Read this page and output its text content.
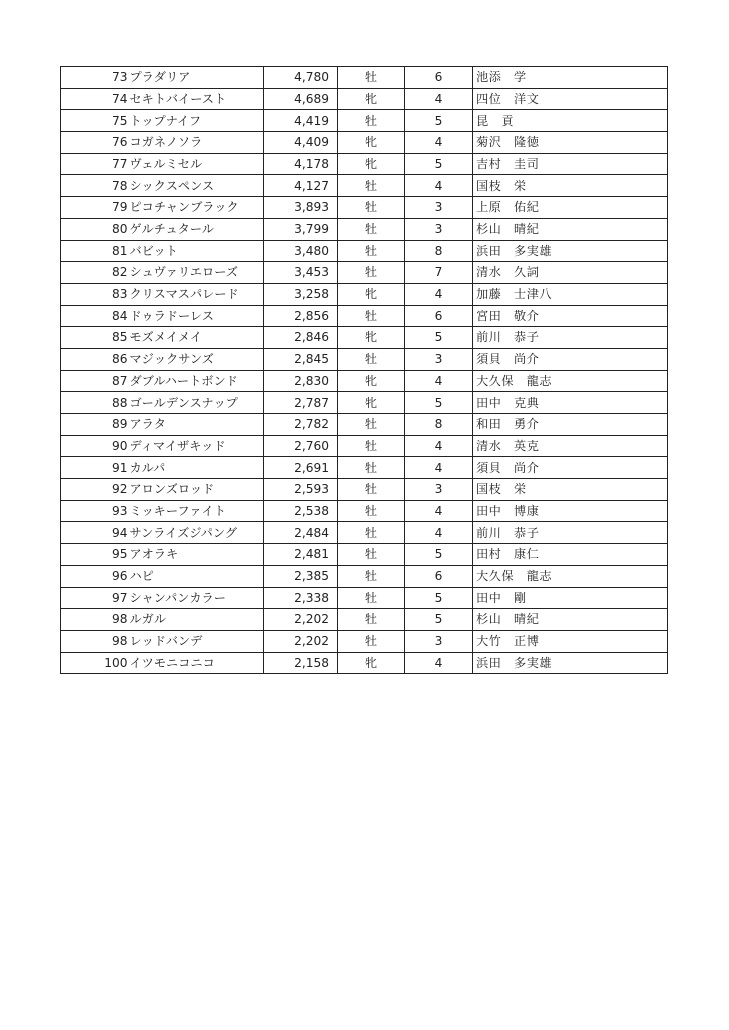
73	プラダリア	4,780	牡	6	池添　学
74	セキトバイースト	4,689	牝	4	四位　洋文
75	トップナイフ	4,419	牡	5	昆　貢
76	コガネノソラ	4,409	牝	4	菊沢　隆徳
77	ヴェルミセル	4,178	牝	5	吉村　圭司
78	シックスペンス	4,127	牡	4	国枝　栄
79	ピコチャンブラック	3,893	牡	3	上原　佑紀
80	ゲルチュタール	3,799	牡	3	杉山　晴紀
81	バビット	3,480	牡	8	浜田　多実雄
82	シュヴァリエローズ	3,453	牡	7	清水　久詞
83	クリスマスパレード	3,258	牝	4	加藤　士津八
84	ドゥラドーレス	2,856	牡	6	宮田　敬介
85	モズメイメイ	2,846	牝	5	前川　恭子
86	マジックサンズ	2,845	牡	3	須貝　尚介
87	ダブルハートボンド	2,830	牝	4	大久保　龍志
88	ゴールデンスナップ	2,787	牝	5	田中　克典
89	アラタ	2,782	牡	8	和田　勇介
90	ディマイザキッド	2,760	牡	4	清水　英克
91	カルパ	2,691	牡	4	須貝　尚介
92	アロンズロッド	2,593	牡	3	国枝　栄
93	ミッキーファイト	2,538	牡	4	田中　博康
94	サンライズジパング	2,484	牡	4	前川　恭子
95	アオラキ	2,481	牡	5	田村　康仁
96	ハピ	2,385	牡	6	大久保　龍志
97	シャンパンカラー	2,338	牡	5	田中　剛
98	ルガル	2,202	牡	5	杉山　晴紀
98	レッドバンデ	2,202	牡	3	大竹　正博
100	イツモニコニコ	2,158	牝	4	浜田　多実雄
